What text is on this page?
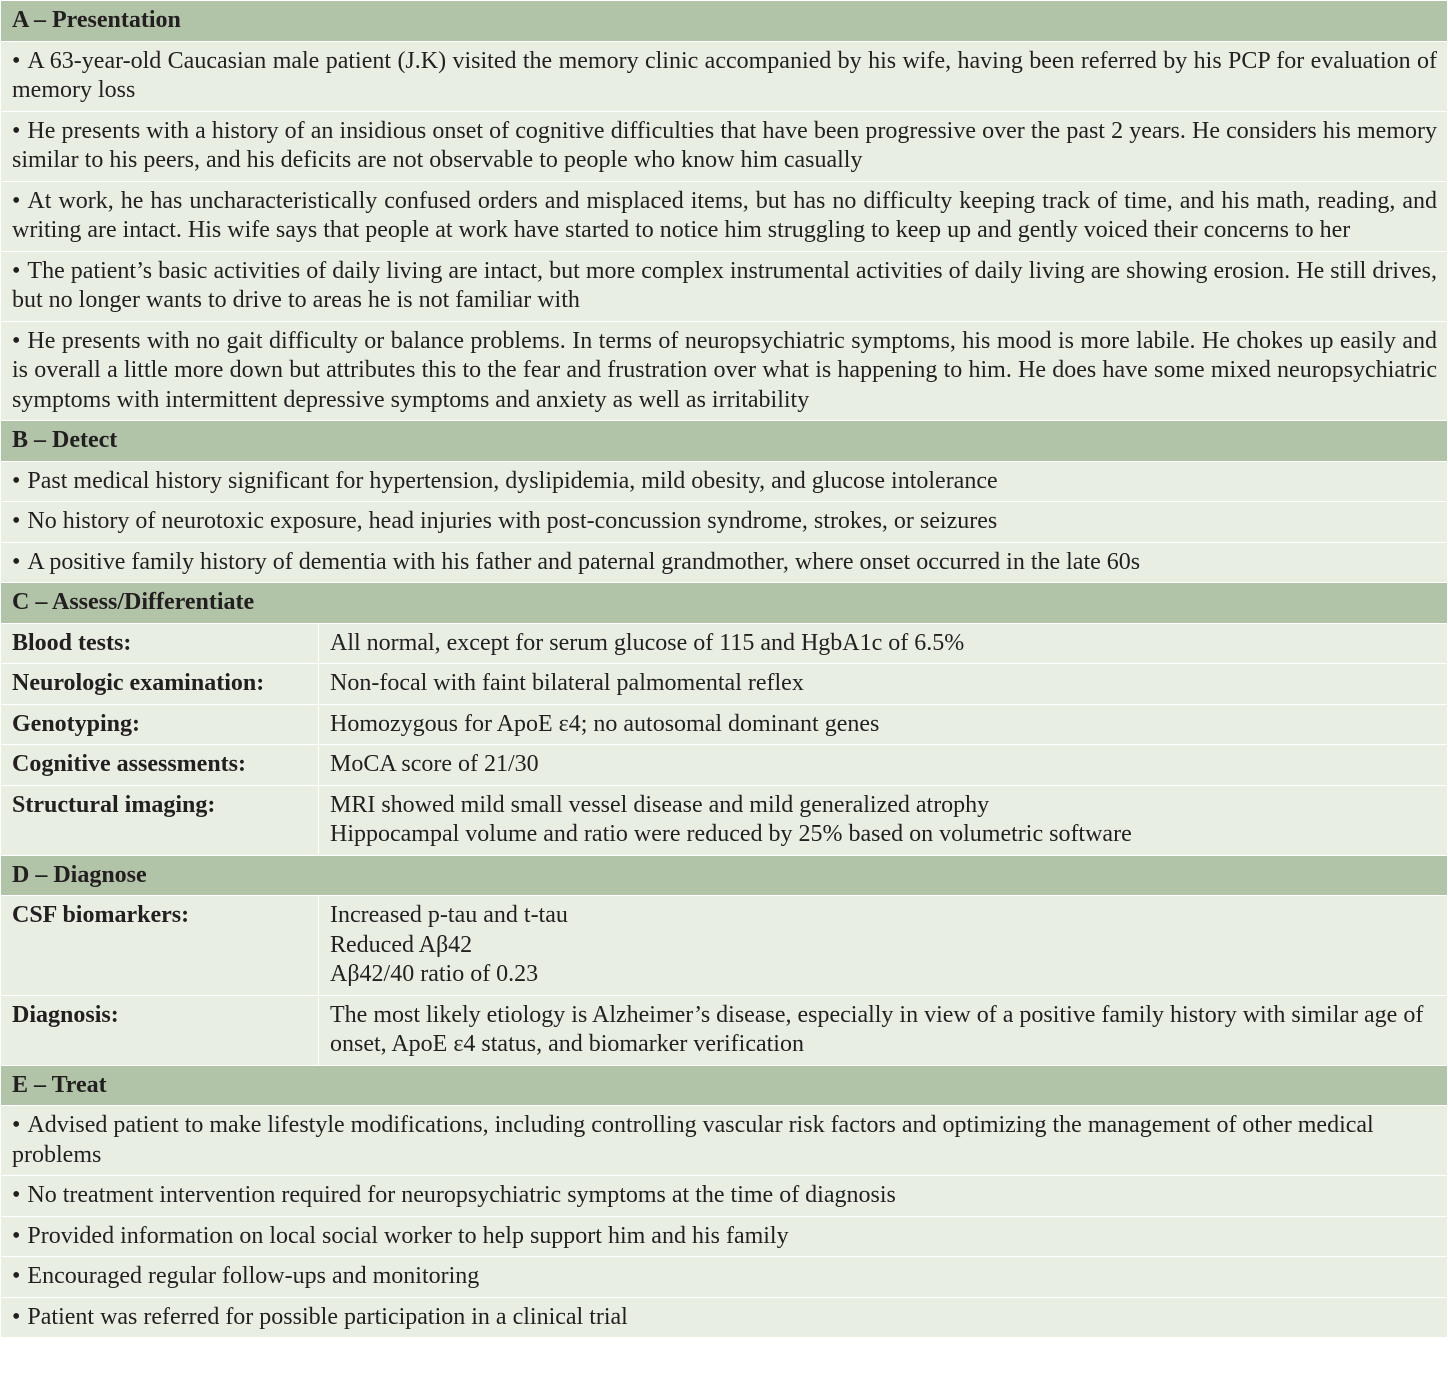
A – Presentation	
• A 63-year-old Caucasian male patient (J.K) visited the memory clinic accompanied by his wife, having been referred by his PCP for evaluation of memory loss	
• He presents with a history of an insidious onset of cognitive difficulties that have been progressive over the past 2 years. He considers his memory similar to his peers, and his deficits are not observable to people who know him casually	
• At work, he has uncharacteristically confused orders and misplaced items, but has no difficulty keeping track of time, and his math, reading, and writing are intact. His wife says that people at work have started to notice him struggling to keep up and gently voiced their concerns to her	
• The patient’s basic activities of daily living are intact, but more complex instrumental activities of daily living are showing erosion. He still drives, but no longer wants to drive to areas he is not familiar with	
• He presents with no gait difficulty or balance problems. In terms of neuropsychiatric symptoms, his mood is more labile. He chokes up easily and is overall a little more down but attributes this to the fear and frustration over what is happening to him. He does have some mixed neuropsychiatric symptoms with intermittent depressive symptoms and anxiety as well as irritability	
B – Detect	
• Past medical history significant for hypertension, dyslipidemia, mild obesity, and glucose intolerance	
• No history of neurotoxic exposure, head injuries with post-concussion syndrome, strokes, or seizures	
• A positive family history of dementia with his father and paternal grandmother, where onset occurred in the late 60s	
C – Assess/Differentiate	
Blood tests:	All normal, except for serum glucose of 115 and HgbA1c of 6.5%

Neurologic examination:	Non-focal with faint bilateral palmomental reflex

Genotyping:	Homozygous for ApoE ε4; no autosomal dominant genes

Cognitive assessments:	MoCA score of 21/30

Structural imaging:	MRI showed mild small vessel disease and mild generalized atrophy
Hippocampal volume and ratio were reduced by 25% based on volumetric software

D – Diagnose	
CSF biomarkers:	Increased p-tau and t-tau
Reduced Aβ42
Aβ42/40 ratio of 0.23

Diagnosis:	The most likely etiology is Alzheimer’s disease, especially in view of a positive family history with similar age of onset, ApoE ε4 status, and biomarker verification

E – Treat	
• Advised patient to make lifestyle modifications, including controlling vascular risk factors and optimizing the management of other medical problems	
• No treatment intervention required for neuropsychiatric symptoms at the time of diagnosis	
• Provided information on local social worker to help support him and his family	
• Encouraged regular follow-ups and monitoring	
• Patient was referred for possible participation in a clinical trial	
